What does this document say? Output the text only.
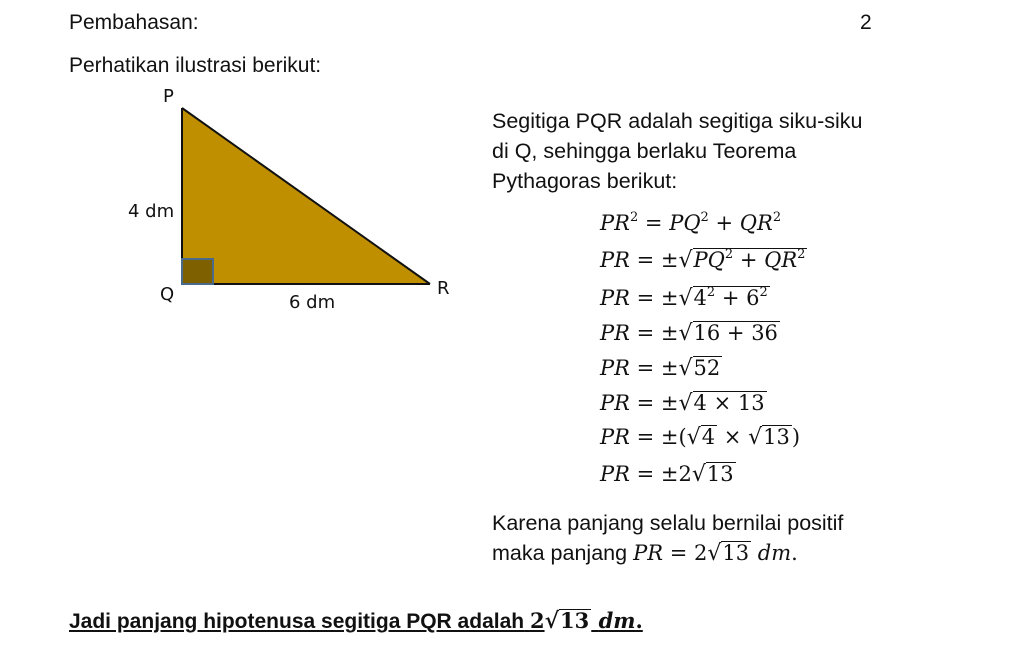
Pembahasan:	2
Perhatikan ilustrasi berikut:
P
Q	R
4 dm
6 dm
Segitiga PQR adalah segitiga siku-siku
di Q, sehingga berlaku Teorema
Pythagoras berikut:
$PR^2 = PQ^2 + QR^2$
PR = $\pm√PQ^2 + QR^2$
PR = $\pm√4^2 + 6^2$
PR = ±√16 + 36
PR = ±√52
PR = ±√4 × 13
PR = ±(√4 × √13)
PR = ±2√13
Karena panjang selalu bernilai positif
maka panjang PR = 2√13 dm.
Jadi panjang hipotenusa segitiga PQR adalah 2√13 dm.
